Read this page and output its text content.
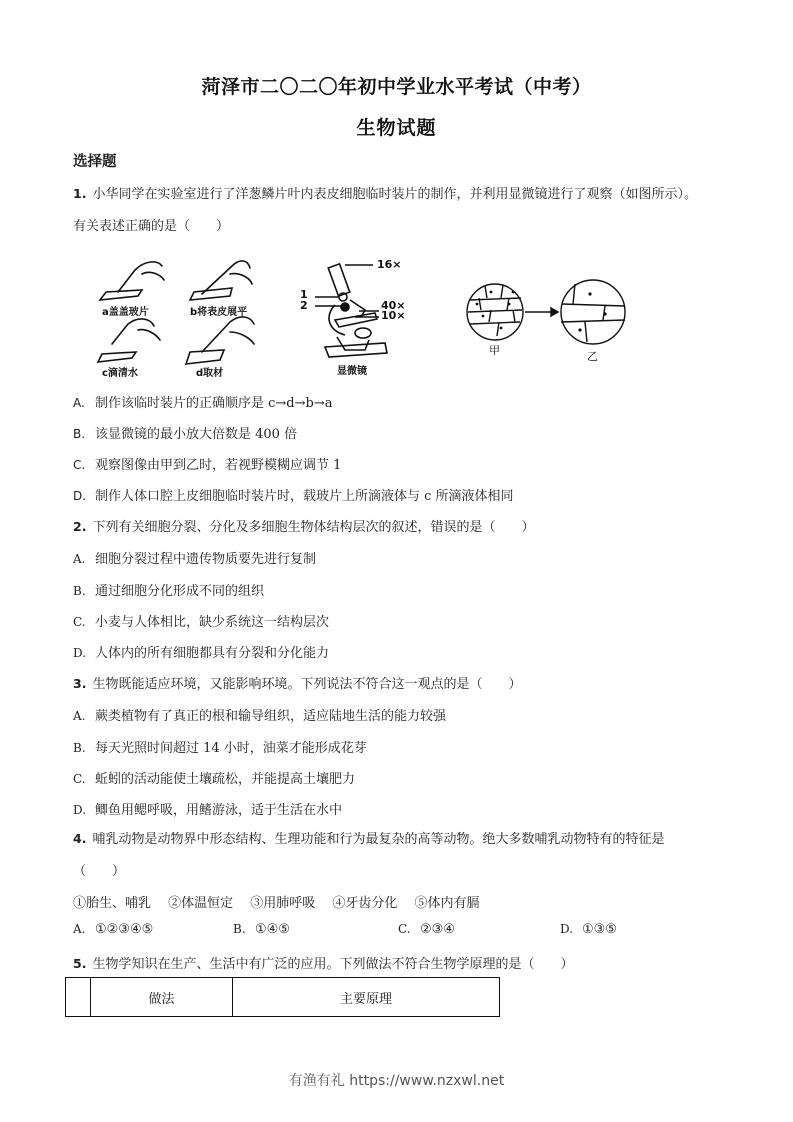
菏泽市二〇二〇年初中学业水平考试（中考）
生物试题
选择题
1. 小华同学在实验室进行了洋葱鳞片叶内表皮细胞临时装片的制作，并利用显微镜进行了观察（如图所示）。
有关表述正确的是（　　）
a盖盖玻片	b将表皮展平
c滴清水	d取材
1
2
16×
40×
10×
显微镜
甲	乙
A. 制作该临时装片的正确顺序是 c→d→b→a
B. 该显微镜的最小放大倍数是 400 倍
C. 观察图像由甲到乙时，若视野模糊应调节 1
D. 制作人体口腔上皮细胞临时装片时，载玻片上所滴液体与 c 所滴液体相同
2. 下列有关细胞分裂、分化及多细胞生物体结构层次的叙述，错误的是（　　）
A. 细胞分裂过程中遗传物质要先进行复制
B. 通过细胞分化形成不同的组织
C. 小麦与人体相比，缺少系统这一结构层次
D. 人体内的所有细胞都具有分裂和分化能力
3. 生物既能适应环境，又能影响环境。下列说法不符合这一观点的是（　　）
A. 蕨类植物有了真正的根和输导组织，适应陆地生活的能力较强
B. 每天光照时间超过 14 小时，油菜才能形成花芽
C. 蚯蚓的活动能使土壤疏松，并能提高土壤肥力
D. 鲫鱼用鳃呼吸，用鳍游泳，适于生活在水中
4. 哺乳动物是动物界中形态结构、生理功能和行为最复杂的高等动物。绝大多数哺乳动物特有的特征是
（　　）
①胎生、哺乳　 ②体温恒定　 ③用肺呼吸　 ④牙齿分化　 ⑤体内有膈
A. ①②③④⑤	B. ①④⑤	C. ②③④	D. ①③⑤
5. 生物学知识在生产、生活中有广泛的应用。下列做法不符合生物学原理的是（　　）
	做法	主要原理
有渔有礼 https://www.nzxwl.net
